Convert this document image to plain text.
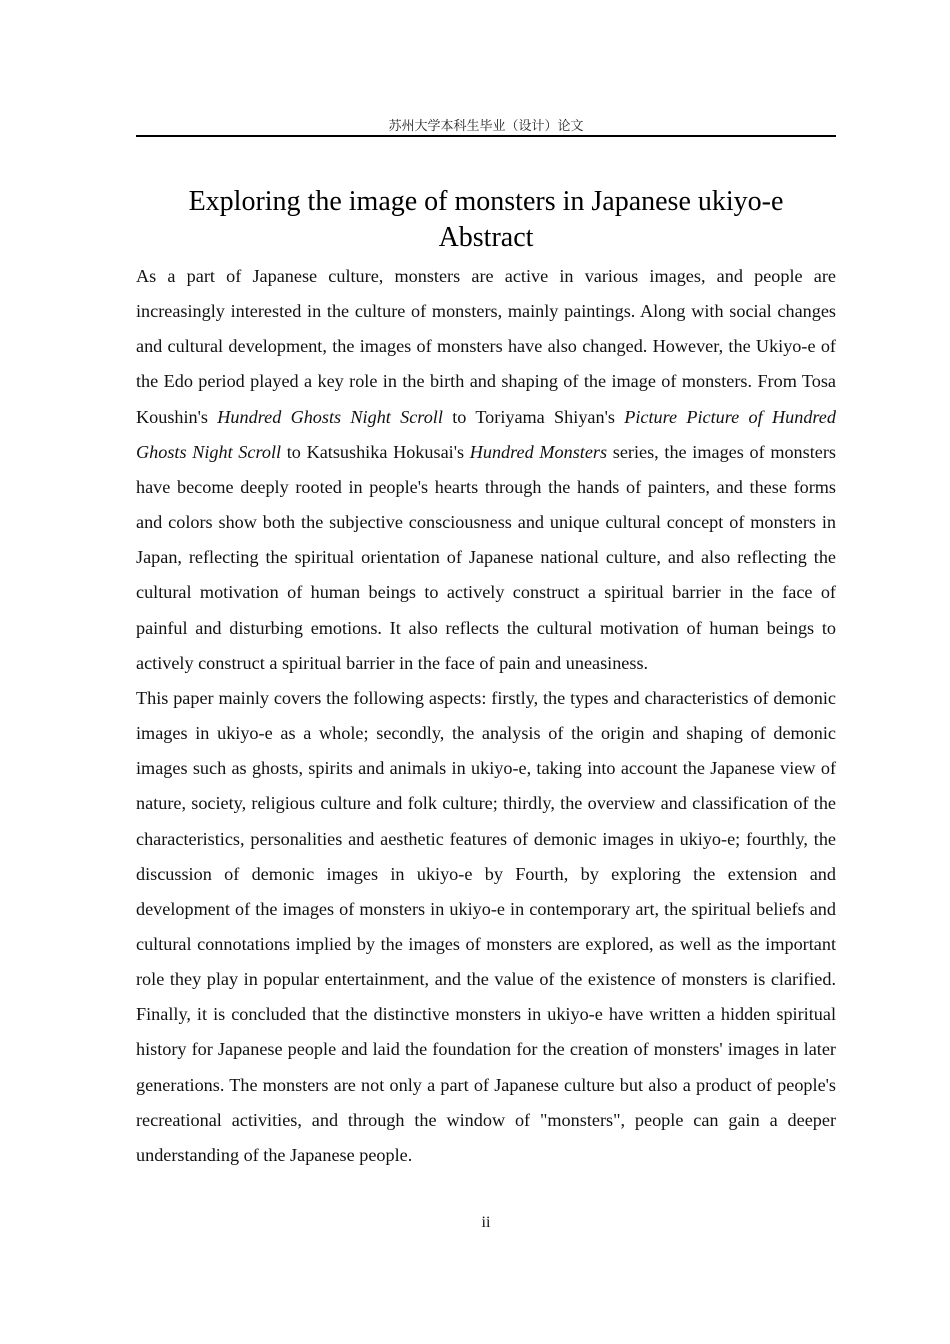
苏州大学本科生毕业（设计）论文
Exploring the image of monsters in Japanese ukiyo-e
Abstract

As a part of Japanese culture, monsters are active in various images, and people are increasingly interested in the culture of monsters, mainly paintings. Along with social changes and cultural development, the images of monsters have also changed. However, the Ukiyo-e of the Edo period played a key role in the birth and shaping of the image of monsters. From Tosa Koushin's Hundred Ghosts Night Scroll to Toriyama Shiyan's Picture Picture of Hundred Ghosts Night Scroll to Katsushika Hokusai's Hundred Monsters series, the images of monsters have become deeply rooted in people's hearts through the hands of painters, and these forms and colors show both the subjective consciousness and unique cultural concept of monsters in Japan, reflecting the spiritual orientation of Japanese national culture, and also reflecting the cultural motivation of human beings to actively construct a spiritual barrier in the face of painful and disturbing emotions. It also reflects the cultural motivation of human beings to actively construct a spiritual barrier in the face of pain and uneasiness.

This paper mainly covers the following aspects: firstly, the types and characteristics of demonic images in ukiyo-e as a whole; secondly, the analysis of the origin and shaping of demonic images such as ghosts, spirits and animals in ukiyo-e, taking into account the Japanese view of nature, society, religious culture and folk culture; thirdly, the overview and classification of the characteristics, personalities and aesthetic features of demonic images in ukiyo-e; fourthly, the discussion of demonic images in ukiyo-e by Fourth, by exploring the extension and development of the images of monsters in ukiyo-e in contemporary art, the spiritual beliefs and cultural connotations implied by the images of monsters are explored, as well as the important role they play in popular entertainment, and the value of the existence of monsters is clarified. Finally, it is concluded that the distinctive monsters in ukiyo-e have written a hidden spiritual history for Japanese people and laid the foundation for the creation of monsters' images in later generations. The monsters are not only a part of Japanese culture but also a product of people's recreational activities, and through the window of "monsters", people can gain a deeper understanding of the Japanese people.

ii
